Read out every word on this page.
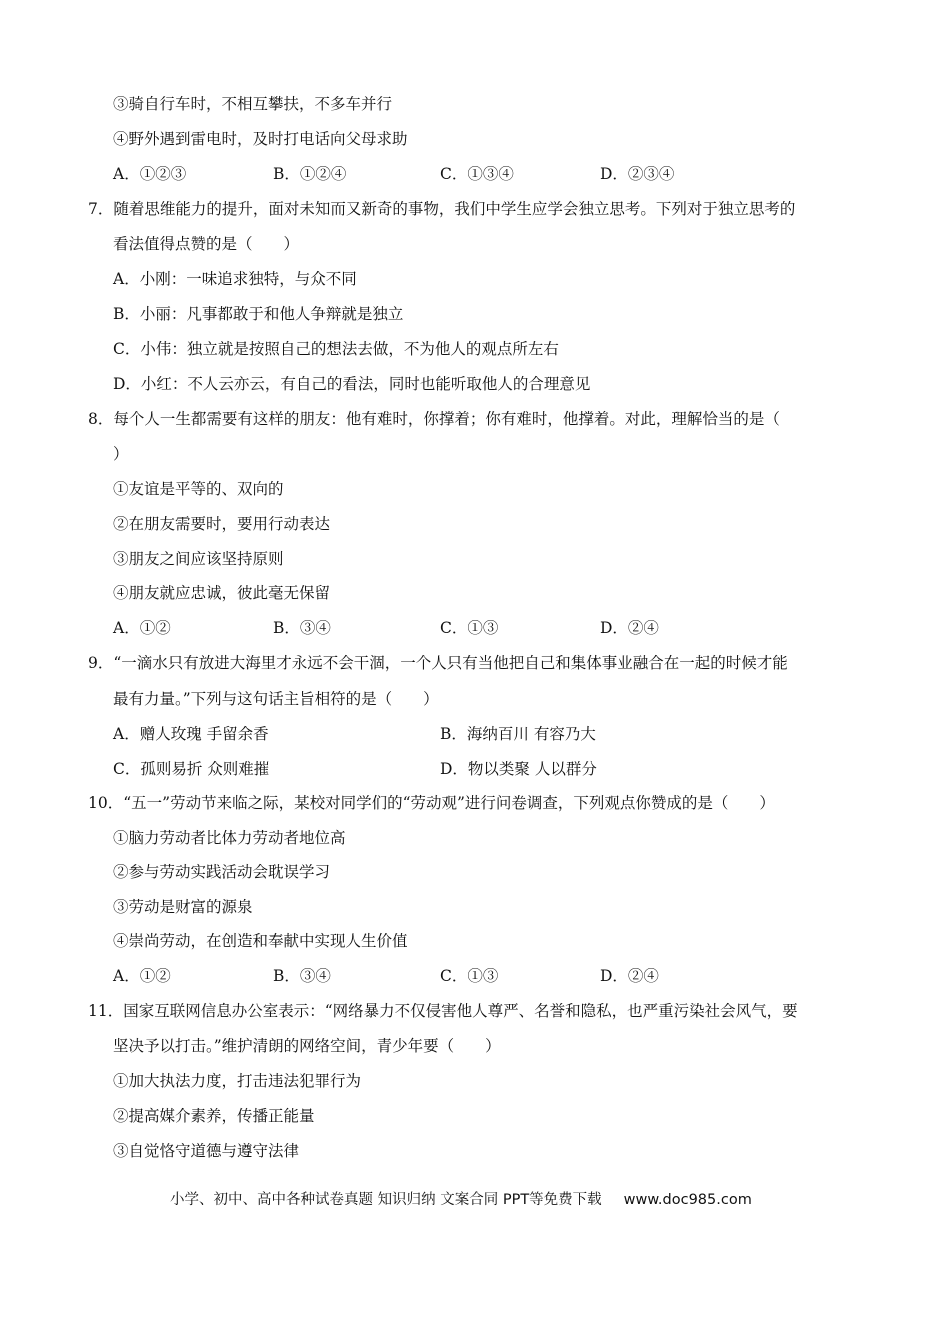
③骑自行车时，不相互攀扶，不多车并行
④野外遇到雷电时，及时打电话向父母求助
A．①②③	B．①②④	C．①③④	D．②③④
7．随着思维能力的提升，面对未知而又新奇的事物，我们中学生应学会独立思考。下列对于独立思考的
看法值得点赞的是（　　）
A．小刚：一味追求独特，与众不同
B．小丽：凡事都敢于和他人争辩就是独立
C．小伟：独立就是按照自己的想法去做，不为他人的观点所左右
D．小红：不人云亦云，有自己的看法，同时也能听取他人的合理意见
8．每个人一生都需要有这样的朋友：他有难时，你撑着；你有难时，他撑着。对此，理解恰当的是（
）
①友谊是平等的、双向的
②在朋友需要时，要用行动表达
③朋友之间应该坚持原则
④朋友就应忠诚，彼此毫无保留
A．①②	B．③④	C．①③	D．②④
9．“一滴水只有放进大海里才永远不会干涸，一个人只有当他把自己和集体事业融合在一起的时候才能
最有力量。”下列与这句话主旨相符的是（　　）
A．赠人玫瑰 手留余香	B．海纳百川 有容乃大
C．孤则易折 众则难摧	D．物以类聚 人以群分
10．“五一”劳动节来临之际，某校对同学们的“劳动观”进行问卷调查，下列观点你赞成的是（　　）
①脑力劳动者比体力劳动者地位高
②参与劳动实践活动会耽误学习
③劳动是财富的源泉
④崇尚劳动，在创造和奉献中实现人生价值
A．①②	B．③④	C．①③	D．②④
11．国家互联网信息办公室表示：“网络暴力不仅侵害他人尊严、名誉和隐私，也严重污染社会风气，要
坚决予以打击。”维护清朗的网络空间，青少年要（　　）
①加大执法力度，打击违法犯罪行为
②提高媒介素养，传播正能量
③自觉恪守道德与遵守法律
小学、初中、高中各种试卷真题 知识归纳 文案合同 PPT等免费下载 www.doc985.com
